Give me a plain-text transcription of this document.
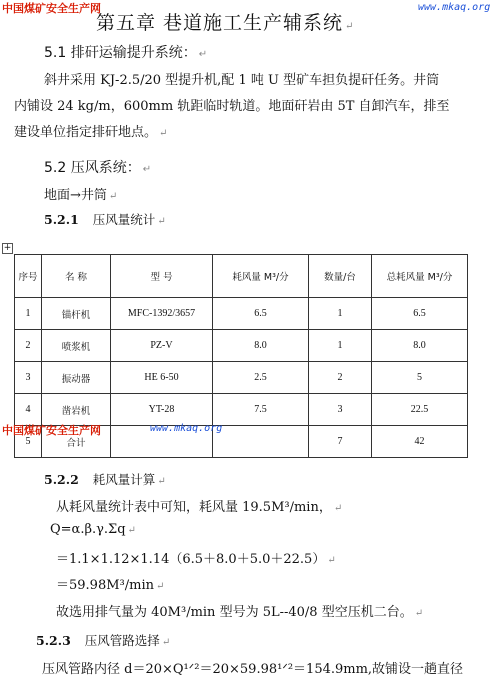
中国煤矿安全生产网	www.mkaq.org
第五章 巷道施工生产辅系统 ↵
5.1 排矸运输提升系统： ↵
斜井采用 KJ-2.5/20 型提升机,配 1 吨 U 型矿车担负提矸任务。井筒
内铺设 24 kg/m，600mm 轨距临时轨道。地面矸岩由 5T 自卸汽车，排至
建设单位指定排矸地点。 ↵
5.2 压风系统： ↵
地面→井筒 ↵
5.2.1 压风量统计 ↵
+
序号	名 称	型 号	耗风量 M³/分	数量/台	总耗风量 M³/分
1	锚杆机	MFC-1392/3657	6.5	1	6.5
2	喷浆机	PZ-V	8.0	1	8.0
3	振动器	HE 6-50	2.5	2	5
4	凿岩机	YT-28	7.5	3	22.5
5	合计			7	42
中国煤矿安全生产网	www.mkaq.org
5.2.2 耗风量计算 ↵
从耗风量统计表中可知，耗风量 19.5M³/min， ↵
Q=α.β.γ.Σq ↵
＝1.1×1.12×1.14（6.5＋8.0＋5.0＋22.5） ↵
＝59.98M³/min ↵
故选用排气量为 40M³/min 型号为 5L--40/8 型空压机二台。 ↵
5.2.3 压风管路选择 ↵
压风管路内径 d＝20×Q¹ᐟ²＝20×59.98¹ᐟ²＝154.9mm,故铺设一趟直径
